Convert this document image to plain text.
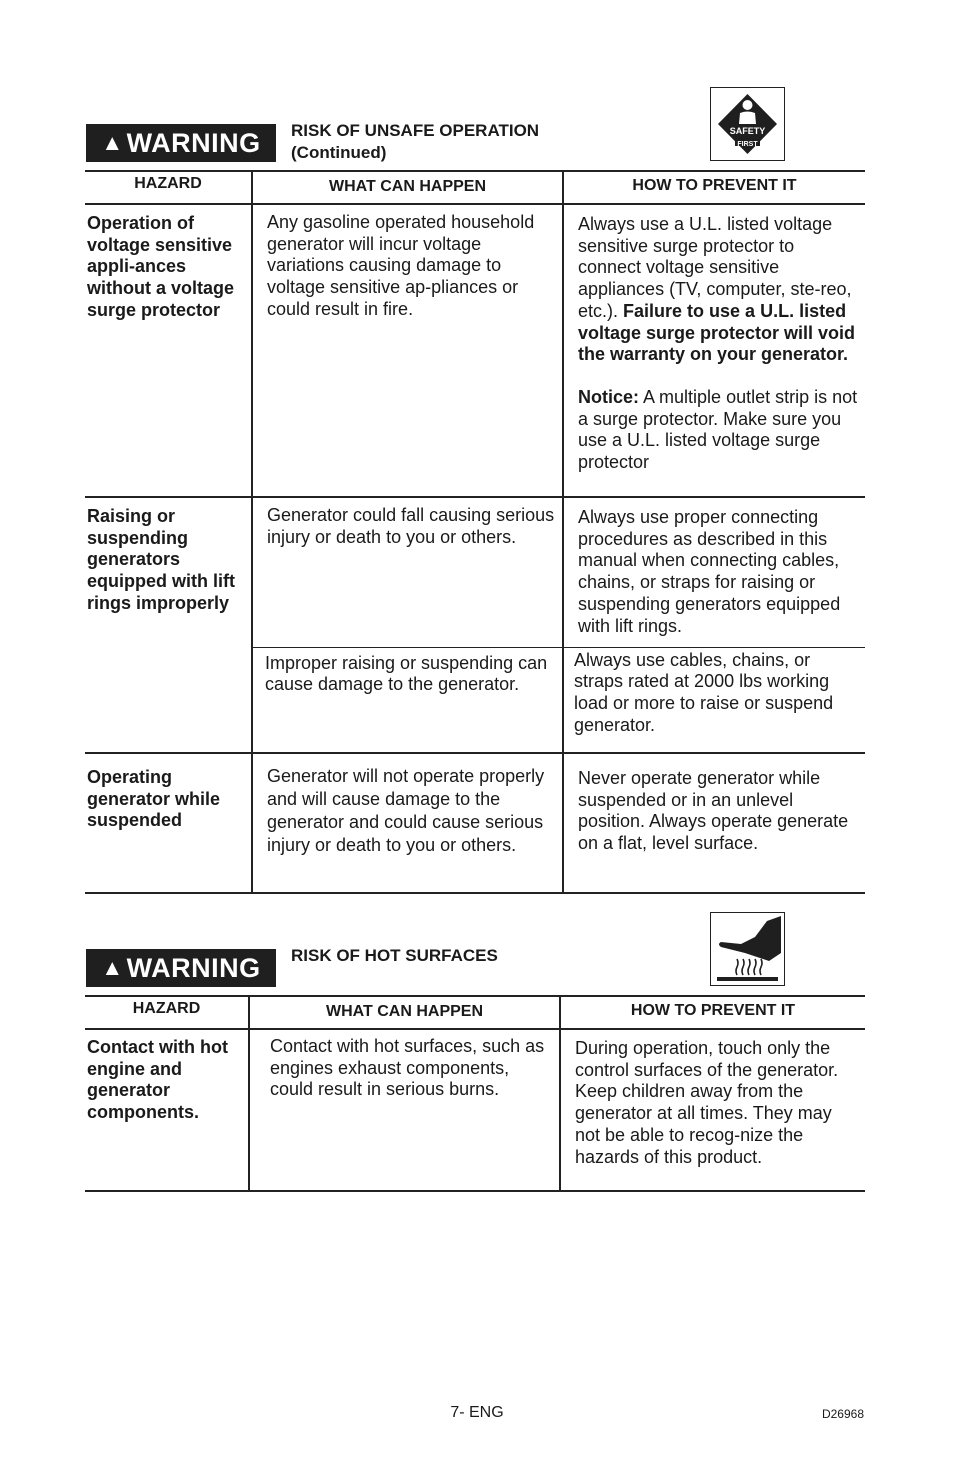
▲ WARNING RISK OF UNSAFE OPERATION
(Continued)
SAFETY
FIRST
HAZARD	WHAT CAN HAPPEN	HOW TO PREVENT IT
Operation of voltage sensitive appli-ances without a voltage surge protector	Any gasoline operated household generator will incur voltage variations causing damage to voltage sensitive ap-pliances or could result in fire.	Always use a U.L. listed voltage sensitive surge protector to connect voltage sensitive appliances (TV, computer, ste-reo, etc.). Failure to use a U.L. listed voltage surge protector will void the warranty on your generator.
Notice: A multiple outlet strip is not a surge protector. Make sure you use a U.L. listed voltage surge protector

Raising or suspending generators equipped with lift rings improperly	Generator could fall causing serious injury or death to you or others.	Always use proper connecting procedures as described in this manual when connecting cables, chains, or straps for raising or suspending generators equipped with lift rings.
	Improper raising or suspending can cause damage to the generator.	Always use cables, chains, or straps rated at 2000 lbs working load or more to raise or suspend generator.
Operating generator while suspended	Generator will not operate properly and will cause damage to the generator and could cause serious injury or death to you or others.	Never operate generator while suspended or in an unlevel position. Always operate generate on a flat, level surface.
▲ WARNING RISK OF HOT SURFACES
HAZARD	WHAT CAN HAPPEN	HOW TO PREVENT IT
Contact with hot engine and generator components.	Contact with hot surfaces, such as engines exhaust components, could result in serious burns.	During operation, touch only the control surfaces of the generator. Keep children away from the generator at all times. They may not be able to recog-nize the hazards of this product.
7- ENG	D26968
